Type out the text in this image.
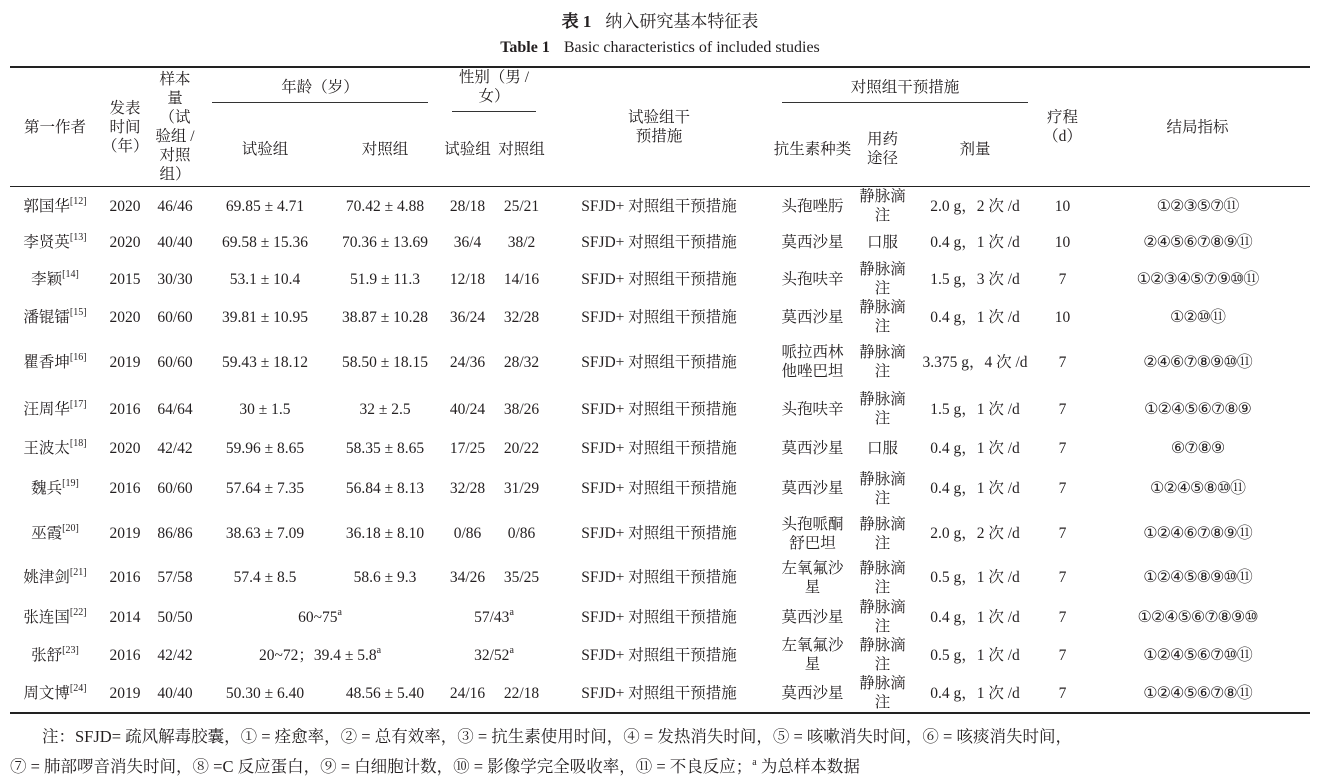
表 1 纳入研究基本特征表
Table 1 Basic characteristics of included studies
第一作者	发表时间（年）	样本量（试验组 / 对照组）	年龄（岁）		性别（男 / 女）		试验组干预措施	对照组干预措施			疗程（d）	结局指标
			试验组	对照组	试验组	对照组		抗生素种类	用药途径	剂量		
郭国华[12]	2020	46/46	69.85 ± 4.71	70.42 ± 4.88	28/18	25/21	SFJD+ 对照组干预措施	头孢唑肟	静脉滴注	2.0 g，2 次 /d	10	①②③⑤⑦⑪
李贤英[13]	2020	40/40	69.58 ± 15.36	70.36 ± 13.69	36/4	38/2	SFJD+ 对照组干预措施	莫西沙星	口服	0.4 g，1 次 /d	10	②④⑤⑥⑦⑧⑨⑪
李颖[14]	2015	30/30	53.1 ± 10.4	51.9 ± 11.3	12/18	14/16	SFJD+ 对照组干预措施	头孢呋辛	静脉滴注	1.5 g，3 次 /d	7	①②③④⑤⑦⑨⑩⑪
潘锟镭[15]	2020	60/60	39.81 ± 10.95	38.87 ± 10.28	36/24	32/28	SFJD+ 对照组干预措施	莫西沙星	静脉滴注	0.4 g，1 次 /d	10	①②⑩⑪
瞿香坤[16]	2019	60/60	59.43 ± 18.12	58.50 ± 18.15	24/36	28/32	SFJD+ 对照组干预措施	哌拉西林他唑巴坦	静脉滴注	3.375 g，4 次 /d	7	②④⑥⑦⑧⑨⑩⑪
汪周华[17]	2016	64/64	30 ± 1.5	32 ± 2.5	40/24	38/26	SFJD+ 对照组干预措施	头孢呋辛	静脉滴注	1.5 g，1 次 /d	7	①②④⑤⑥⑦⑧⑨
王波太[18]	2020	42/42	59.96 ± 8.65	58.35 ± 8.65	17/25	20/22	SFJD+ 对照组干预措施	莫西沙星	口服	0.4 g，1 次 /d	7	⑥⑦⑧⑨
魏兵[19]	2016	60/60	57.64 ± 7.35	56.84 ± 8.13	32/28	31/29	SFJD+ 对照组干预措施	莫西沙星	静脉滴注	0.4 g，1 次 /d	7	①②④⑤⑧⑩⑪
巫霞[20]	2019	86/86	38.63 ± 7.09	36.18 ± 8.10	0/86	0/86	SFJD+ 对照组干预措施	头孢哌酮舒巴坦	静脉滴注	2.0 g，2 次 /d	7	①②④⑥⑦⑧⑨⑪
姚津剑[21]	2016	57/58	57.4 ± 8.5	58.6 ± 9.3	34/26	35/25	SFJD+ 对照组干预措施	左氧氟沙星	静脉滴注	0.5 g，1 次 /d	7	①②④⑤⑧⑨⑩⑪
张连国[22]	2014	50/50	60~75$^a$		57/43$^a$		SFJD+ 对照组干预措施	莫西沙星	静脉滴注	0.4 g，1 次 /d	7	①②④⑤⑥⑦⑧⑨⑩
张舒[23]	2016	42/42	20~72；39.4 ± 5.8$^a$		32/52$^a$		SFJD+ 对照组干预措施	左氧氟沙星	静脉滴注	0.5 g，1 次 /d	7	①②④⑤⑥⑦⑩⑪
周文博[24]	2019	40/40	50.30 ± 6.40	48.56 ± 5.40	24/16	22/18	SFJD+ 对照组干预措施	莫西沙星	静脉滴注	0.4 g，1 次 /d	7	①②④⑤⑥⑦⑧⑪
注：SFJD= 疏风解毒胶囊，① = 痊愈率，② = 总有效率，③ = 抗生素使用时间，④ = 发热消失时间，⑤ = 咳嗽消失时间，⑥ = 咳痰消失时间，
⑦ = 肺部啰音消失时间，⑧ =C 反应蛋白，⑨ = 白细胞计数，⑩ = 影像学完全吸收率，⑪ = 不良反应；$^a$ 为总样本数据
